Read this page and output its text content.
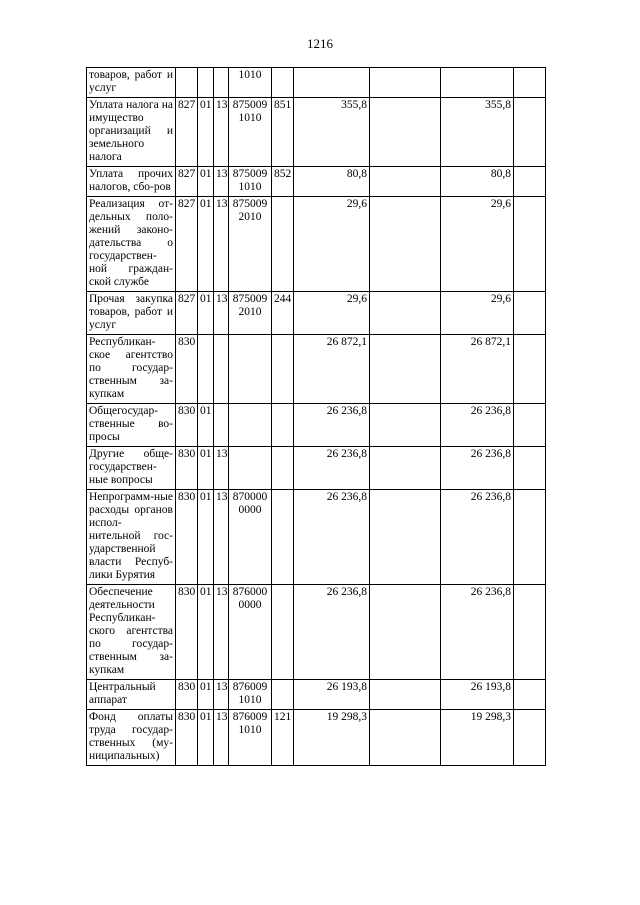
1216
товаров, работ и услуг				1010					
Уплата налога на имущество организаций и земельного налога	827	01	13	875009 1010	851	355,8		355,8	
Уплата прочих налогов, сбо-ров	827	01	13	875009 1010	852	80,8		80,8	
Реализация от-дельных поло-жений законо-дательства о государствен-ной граждан-ской службе	827	01	13	875009 2010		29,6		29,6	
Прочая закупка товаров, работ и услуг	827	01	13	875009 2010	244	29,6		29,6	
Республикан-ское агентство по государ-ственным за-купкам	830					26 872,1		26 872,1	
Общегосудар-ственные во-просы	830	01				26 236,8		26 236,8	
Другие обще-государствен-ные вопросы	830	01	13			26 236,8		26 236,8	
Непрограмм-ные расходы органов испол-нительной гос-ударственной власти Респуб-лики Бурятия	830	01	13	870000 0000		26 236,8		26 236,8	
Обеспечение деятельности Республикан-ского агентства по государ-ственным за-купкам	830	01	13	876000 0000		26 236,8		26 236,8	
Центральный аппарат	830	01	13	876009 1010		26 193,8		26 193,8	
Фонд оплаты труда государ-ственных (му-ниципальных)	830	01	13	876009 1010	121	19 298,3		19 298,3	
